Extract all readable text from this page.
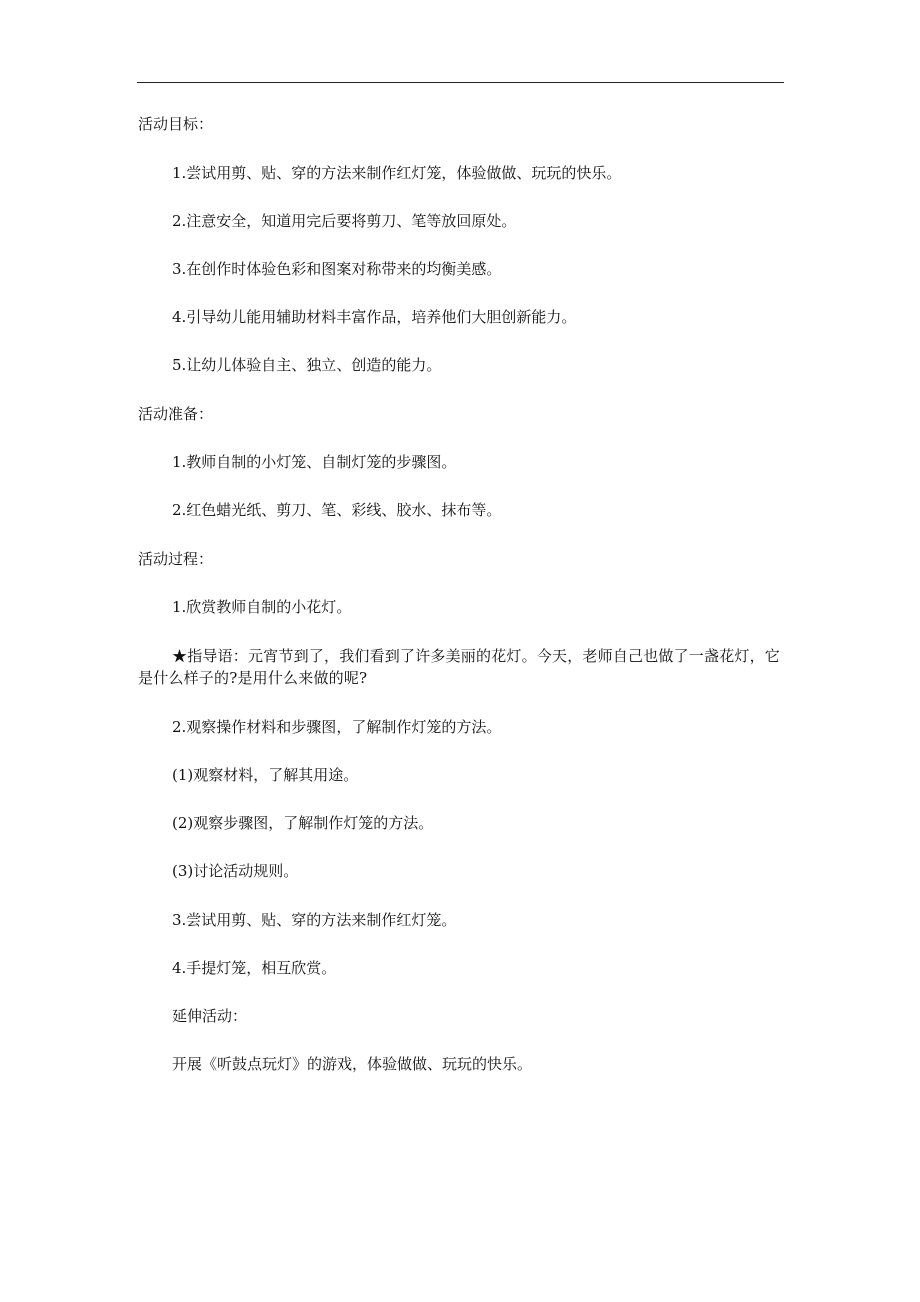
活动目标：
1.尝试用剪、贴、穿的方法来制作红灯笼，体验做做、玩玩的快乐。
2.注意安全，知道用完后要将剪刀、笔等放回原处。
3.在创作时体验色彩和图案对称带来的均衡美感。
4.引导幼儿能用辅助材料丰富作品，培养他们大胆创新能力。
5.让幼儿体验自主、独立、创造的能力。
活动准备：
1.教师自制的小灯笼、自制灯笼的步骤图。
2.红色蜡光纸、剪刀、笔、彩线、胶水、抹布等。
活动过程：
1.欣赏教师自制的小花灯。
★指导语：元宵节到了，我们看到了许多美丽的花灯。今天，老师自己也做了一盏花灯，它是什么样子的?是用什么来做的呢?
2.观察操作材料和步骤图，了解制作灯笼的方法。
(1)观察材料，了解其用途。
(2)观察步骤图，了解制作灯笼的方法。
(3)讨论活动规则。
3.尝试用剪、贴、穿的方法来制作红灯笼。
4.手提灯笼，相互欣赏。
延伸活动：
开展《听鼓点玩灯》的游戏，体验做做、玩玩的快乐。
